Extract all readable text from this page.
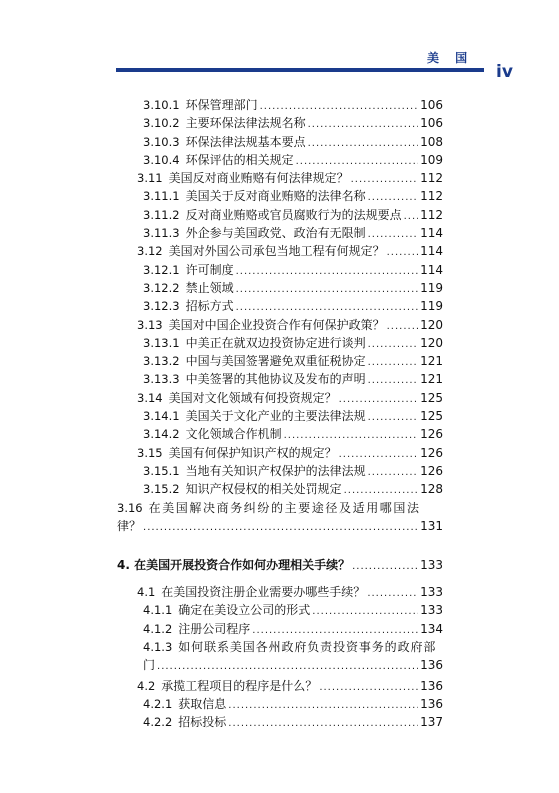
美 国
iv
3.10.1 环保管理部门 .....	106
3.10.2 主要环保法律法规名称 .....	106
3.10.3 环保法律法规基本要点 .....	108
3.10.4 环保评估的相关规定 .....	109
3.11 美国反对商业贿赂有何法律规定？ .....	112
3.11.1 美国关于反对商业贿赂的法律名称 .....	112
3.11.2 反对商业贿赂或官员腐败行为的法规要点 ..... 112
3.11.3 外企参与美国政党、政治有无限制 .....	114
3.12 美国对外国公司承包当地工程有何规定？ .....	114
3.12.1 许可制度 .....	114
3.12.2 禁止领域 .....	119
3.12.3 招标方式 .....	119
3.13 美国对中国企业投资合作有何保护政策？ .....	120
3.13.1 中美正在就双边投资协定进行谈判 .....	120
3.13.2 中国与美国签署避免双重征税协定 .....	121
3.13.3 中美签署的其他协议及发布的声明 .....	121
3.14 美国对文化领域有何投资规定？ .....	125
3.14.1 美国关于文化产业的主要法律法规 .....	125
3.14.2 文化领域合作机制 .....	126
3.15 美国有何保护知识产权的规定？ .....	126
3.15.1 当地有关知识产权保护的法律法规 .....	126
3.15.2 知识产权侵权的相关处罚规定 .....	128
3.16 在美国解决商务纠纷的主要途径及适用哪国法
律？ .....	131
4. 在美国开展投资合作如何办理相关手续？ .....	133
4.1 在美国投资注册企业需要办哪些手续？ .....	133
4.1.1 确定在美设立公司的形式 .....	133
4.1.2 注册公司程序 .....	134
4.1.3 如何联系美国各州政府负责投资事务的政府部
门 .....	136
4.2 承揽工程项目的程序是什么？ .....	136
4.2.1 获取信息 .....	136
4.2.2 招标投标 .....	137
